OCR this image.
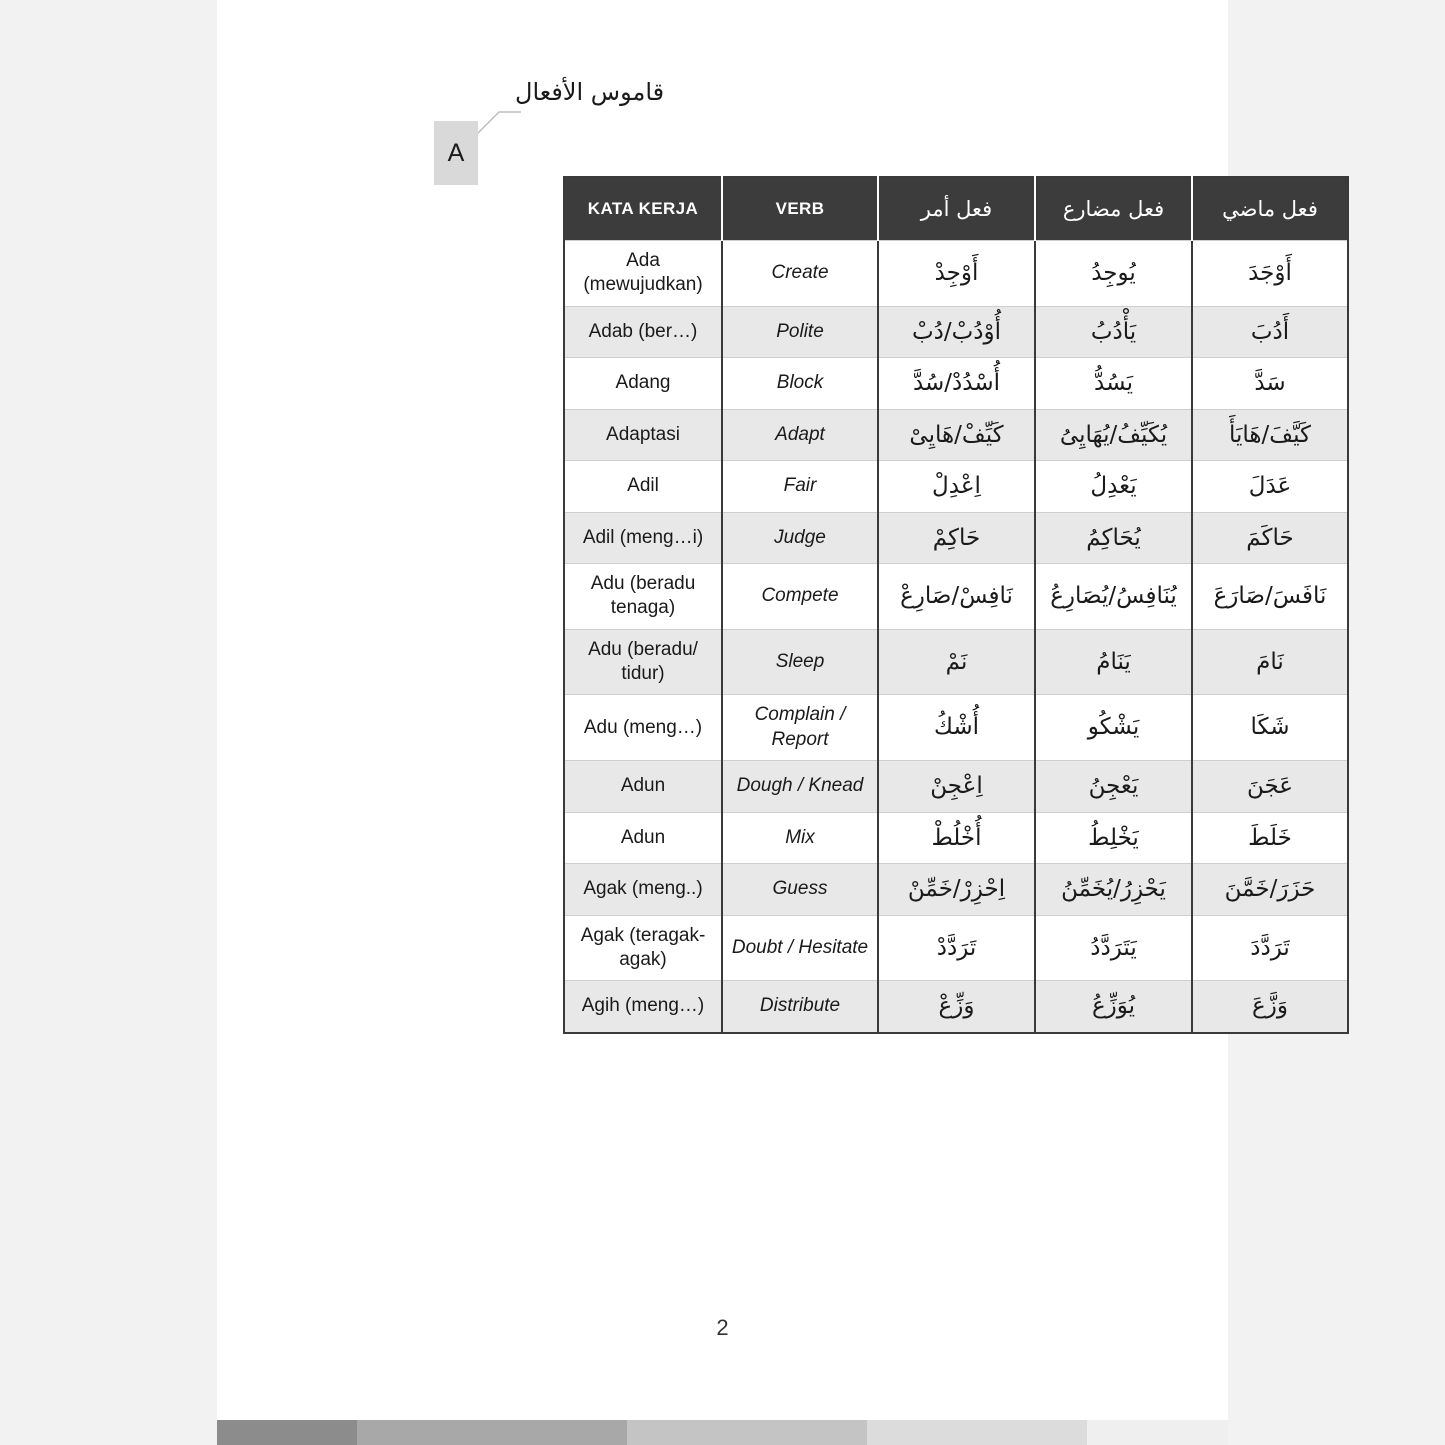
قاموس الأفعال
A
KATA KERJA	VERB	فعل أمر	فعل مضارع	فعل ماضي
Ada (mewujudkan)	Create	أَوْجِدْ	يُوجِدُ	أَوْجَدَ
Adab (ber…)	Polite	أُوْدُبْ/دُبْ	يَأْدُبُ	أَدُبَ
Adang	Block	أُسْدُدْ/سُدَّ	يَسُدُّ	سَدَّ
Adaptasi	Adapt	كَيِّفْ/هَايِىْ	يُكَيِّفُ/يُهَايِىُ	كَيَّفَ/هَايَأَ
Adil	Fair	اِعْدِلْ	يَعْدِلُ	عَدَلَ
Adil (meng…i)	Judge	حَاكِمْ	يُحَاكِمُ	حَاكَمَ
Adu (beradu tenaga)	Compete	نَافِسْ/صَارِعْ	يُنَافِسُ/يُصَارِعُ	نَافَسَ/صَارَعَ
Adu (beradu/ tidur)	Sleep	نَمْ	يَنَامُ	نَامَ
Adu (meng…)	Complain / Report	أُشْكُ	يَشْكُو	شَكَا
Adun	Dough / Knead	اِعْجِنْ	يَعْجِنُ	عَجَنَ
Adun	Mix	أُخْلُطْ	يَخْلِطُ	خَلَطَ
Agak (meng..)	Guess	اِحْزِرْ/خَمِّنْ	يَحْزِرُ/يُخَمِّنُ	حَزَرَ/خَمَّنَ
Agak (teragak-agak)	Doubt / Hesitate	تَرَدَّدْ	يَتَرَدَّدُ	تَرَدَّدَ
Agih (meng…)	Distribute	وَزِّعْ	يُوَزِّعُ	وَزَّعَ
2
